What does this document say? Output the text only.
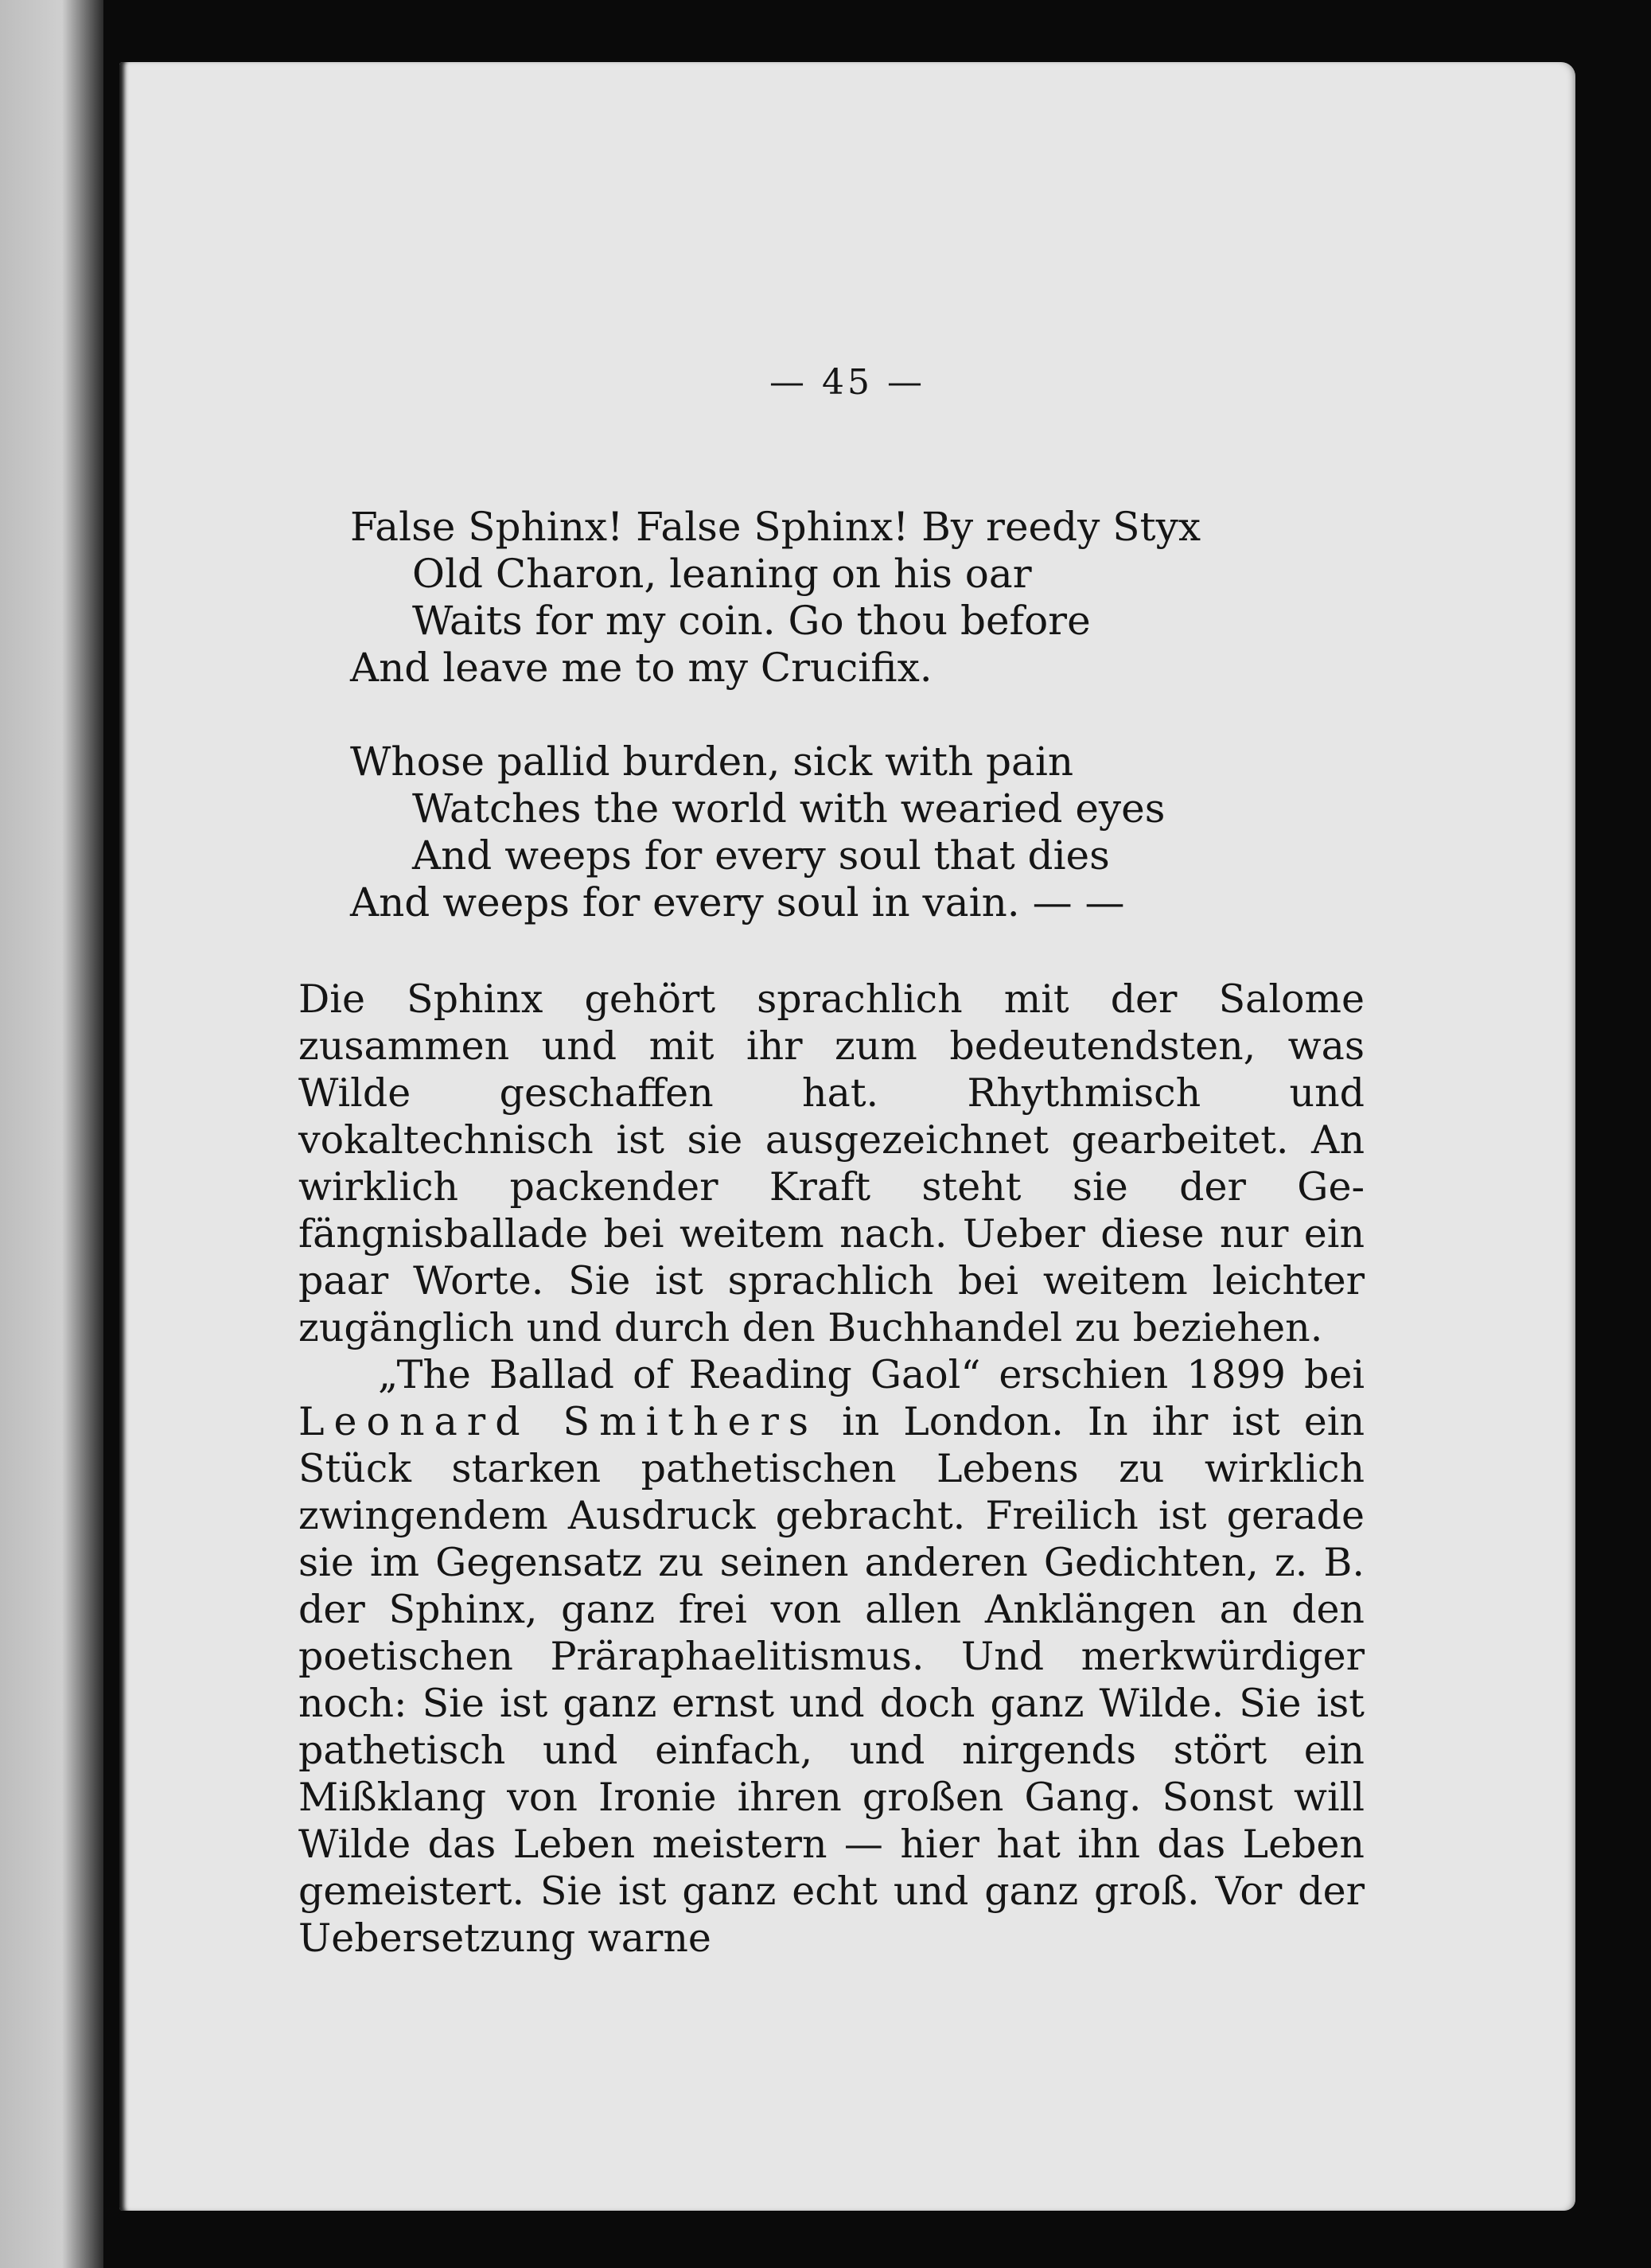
— 45 —
False Sphinx! False Sphinx! By reedy Styx
Old Charon, leaning on his oar
Waits for my coin. Go thou before
And leave me to my Crucifix.
Whose pallid burden, sick with pain
Watches the world with wearied eyes
And weeps for every soul that dies
And weeps for every soul in vain. — —

Die Sphinx gehört sprachlich mit der Salome zusammen und mit ihr zum bedeutendsten, was Wilde geschaffen hat. Rhythmisch und vokaltechnisch ist sie ausgezeichnet gearbeitet. An wirklich packender Kraft steht sie der Gefängnisballade bei weitem nach. Ueber diese nur ein paar Worte. Sie ist sprachlich bei weitem leichter zugänglich und durch den Buchhandel zu beziehen.

„The Ballad of Reading Gaol“ erschien 1899 bei Leonard Smithers in London. In ihr ist ein Stück starken pathetischen Lebens zu wirklich zwingendem Ausdruck gebracht. Freilich ist gerade sie im Gegensatz zu seinen anderen Gedichten, z. B. der Sphinx, ganz frei von allen Anklängen an den poetischen Präraphaelitismus. Und merkwürdiger noch: Sie ist ganz ernst und doch ganz Wilde. Sie ist pathetisch und einfach, und nirgends stört ein Mißklang von Ironie ihren großen Gang. Sonst will Wilde das Leben meistern — hier hat ihn das Leben gemeistert. Sie ist ganz echt und ganz groß. Vor der Uebersetzung warne
